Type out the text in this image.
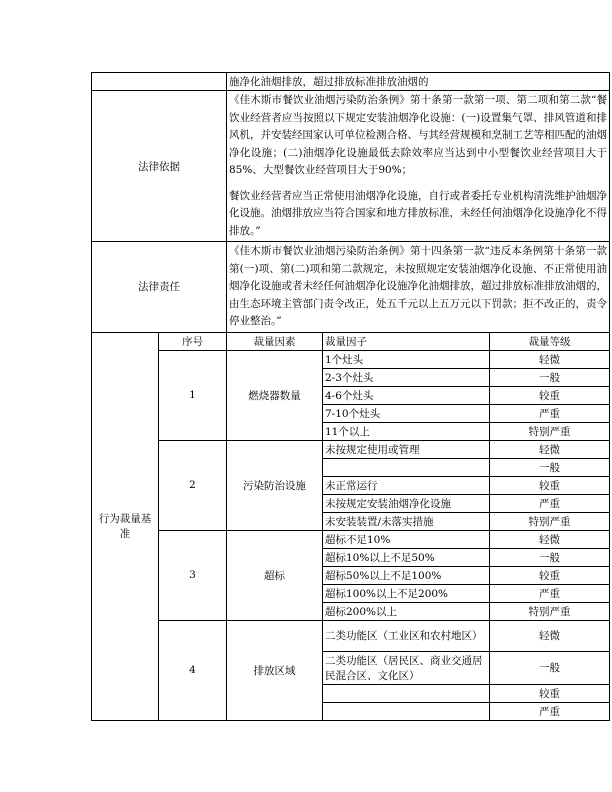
		施净化油烟排放，超过排放标准排放油烟的		
法律依据		《佳木斯市餐饮业油烟污染防治条例》第十条第一款第一项、第二项和第二款“餐饮业经营者应当按照以下规定安装油烟净化设施：(一)设置集气罩、排风管道和排风机，并安装经国家认可单位检测合格、与其经营规模和烹制工艺等相匹配的油烟净化设施；(二)油烟净化设施最低去除效率应当达到中小型餐饮业经营项目大于85%、大型餐饮业经营项目大于90%；
餐饮业经营者应当正常使用油烟净化设施，自行或者委托专业机构清洗维护油烟净化设施。油烟排放应当符合国家和地方排放标准，未经任何油烟净化设施净化不得排放。”		

法律责任		《佳木斯市餐饮业油烟污染防治条例》第十四条第一款“违反本条例第十条第一款第(一)项、第(二)项和第二款规定，未按照规定安装油烟净化设施、不正常使用油烟净化设施或者未经任何油烟净化设施净化油烟排放，超过排放标准排放油烟的，由生态环境主管部门责令改正，处五千元以上五万元以下罚款；拒不改正的，责令停业整治。”		
行为裁量基准	序号	裁量因素	裁量因子	裁量等级
	1	燃烧器数量	1个灶头	轻微
			2-3个灶头	一般
			4-6个灶头	较重
			7-10个灶头	严重
			11个以上	特别严重
	2	污染防治设施	未按规定使用或管理	轻微
				一般
			未正常运行	较重
			未按规定安装油烟净化设施	严重
			未安装装置/未落实措施	特别严重
	3	超标	超标不足10%	轻微
			超标10%以上不足50%	一般
			超标50%以上不足100%	较重
			超标100%以上不足200%	严重
			超标200%以上	特别严重
	4	排放区域	二类功能区（工业区和农村地区）	轻微
			二类功能区（居民区、商业交通居民混合区、文化区）	一般
				较重
				严重
